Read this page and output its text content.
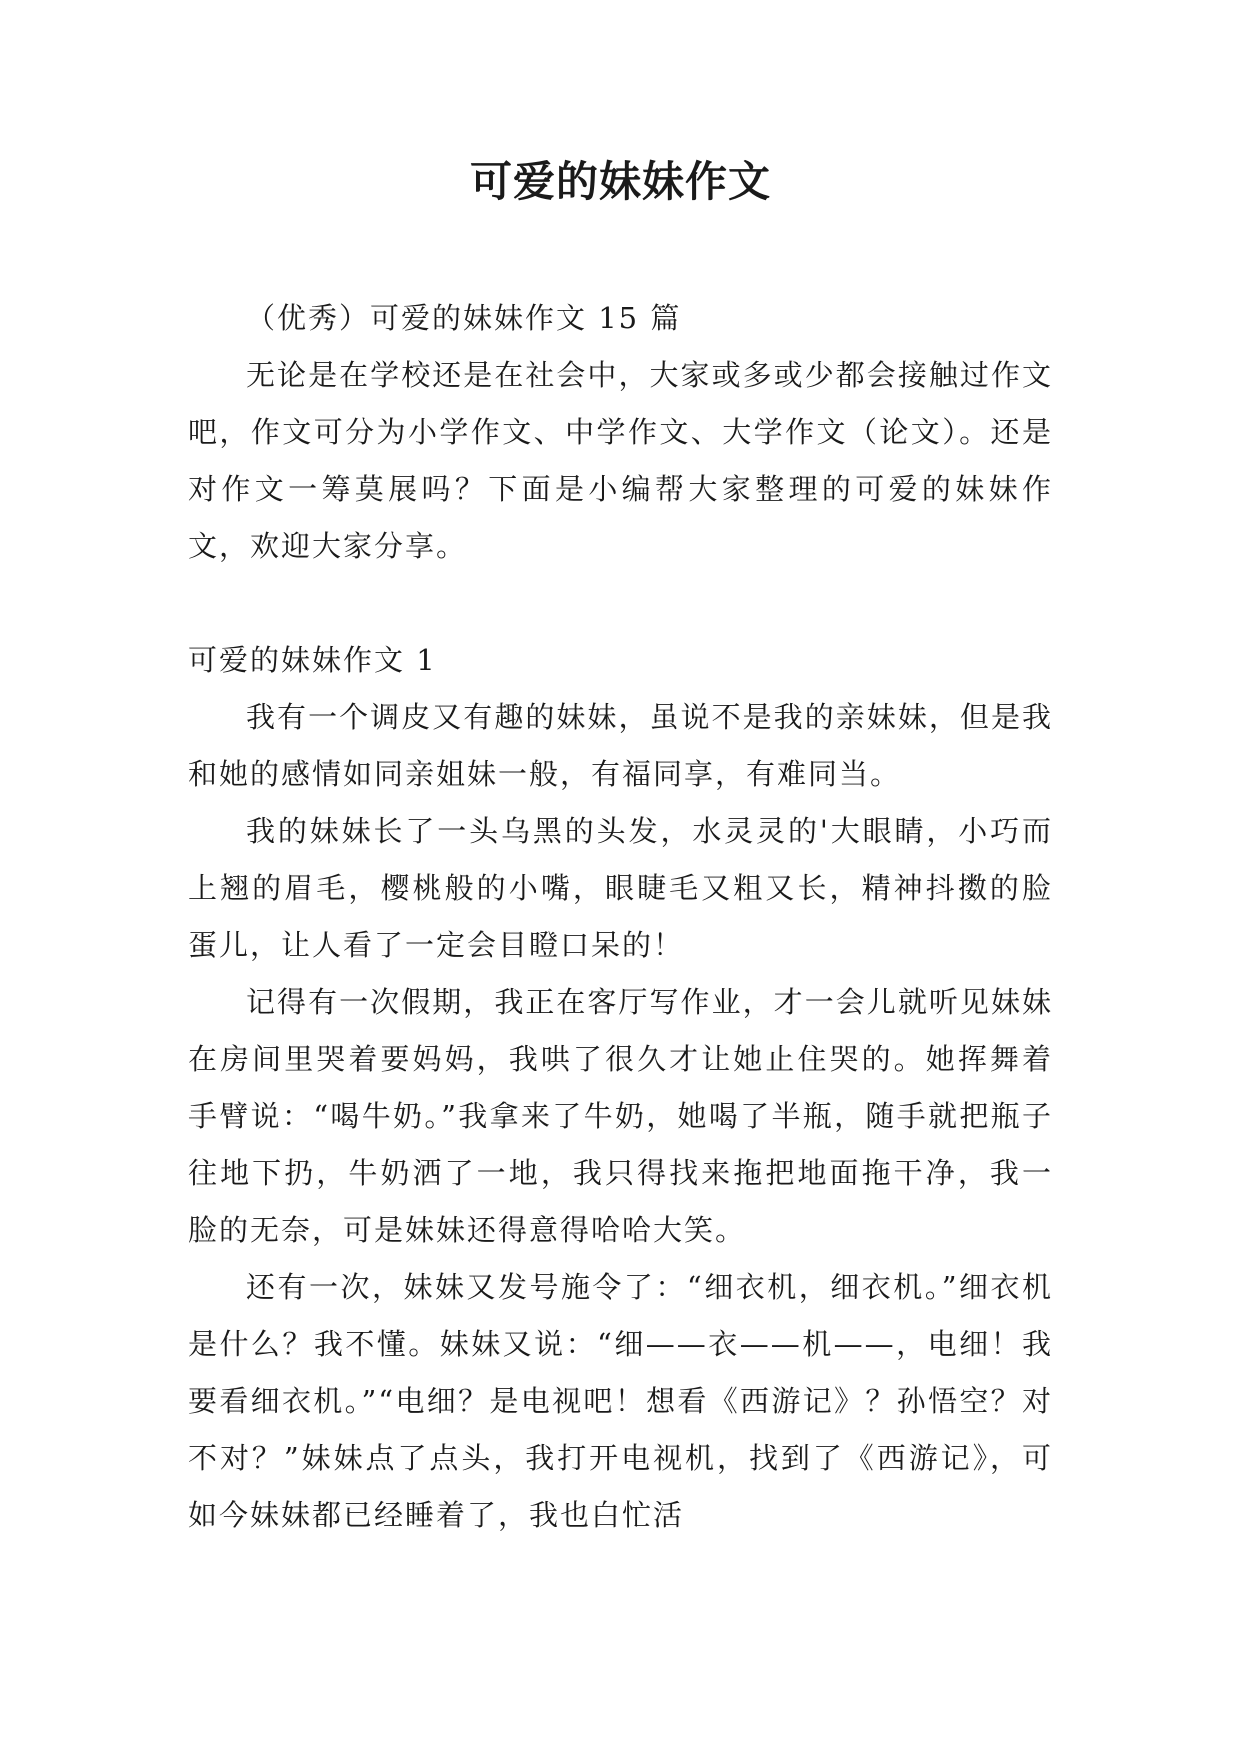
可爱的妹妹作文

（优秀）可爱的妹妹作文 15 篇

无论是在学校还是在社会中，大家或多或少都会接触过作文吧，作文可分为小学作文、中学作文、大学作文（论文）。还是对作文一筹莫展吗？下面是小编帮大家整理的可爱的妹妹作文，欢迎大家分享。

可爱的妹妹作文 1

我有一个调皮又有趣的妹妹，虽说不是我的亲妹妹，但是我和她的感情如同亲姐妹一般，有福同享，有难同当。

我的妹妹长了一头乌黑的头发，水灵灵的'大眼睛，小巧而上翘的眉毛，樱桃般的小嘴，眼睫毛又粗又长，精神抖擞的脸蛋儿，让人看了一定会目瞪口呆的！

记得有一次假期，我正在客厅写作业，才一会儿就听见妹妹在房间里哭着要妈妈，我哄了很久才让她止住哭的。她挥舞着手臂说：“喝牛奶。”我拿来了牛奶，她喝了半瓶，随手就把瓶子往地下扔，牛奶洒了一地，我只得找来拖把地面拖干净，我一脸的无奈，可是妹妹还得意得哈哈大笑。

还有一次，妹妹又发号施令了：“细衣机，细衣机。”细衣机是什么？我不懂。妹妹又说：“细——衣——机——，电细！我要看细衣机。”“电细？是电视吧！想看《西游记》？孙悟空？对不对？”妹妹点了点头，我打开电视机，找到了《西游记》，可如今妹妹都已经睡着了，我也白忙活
